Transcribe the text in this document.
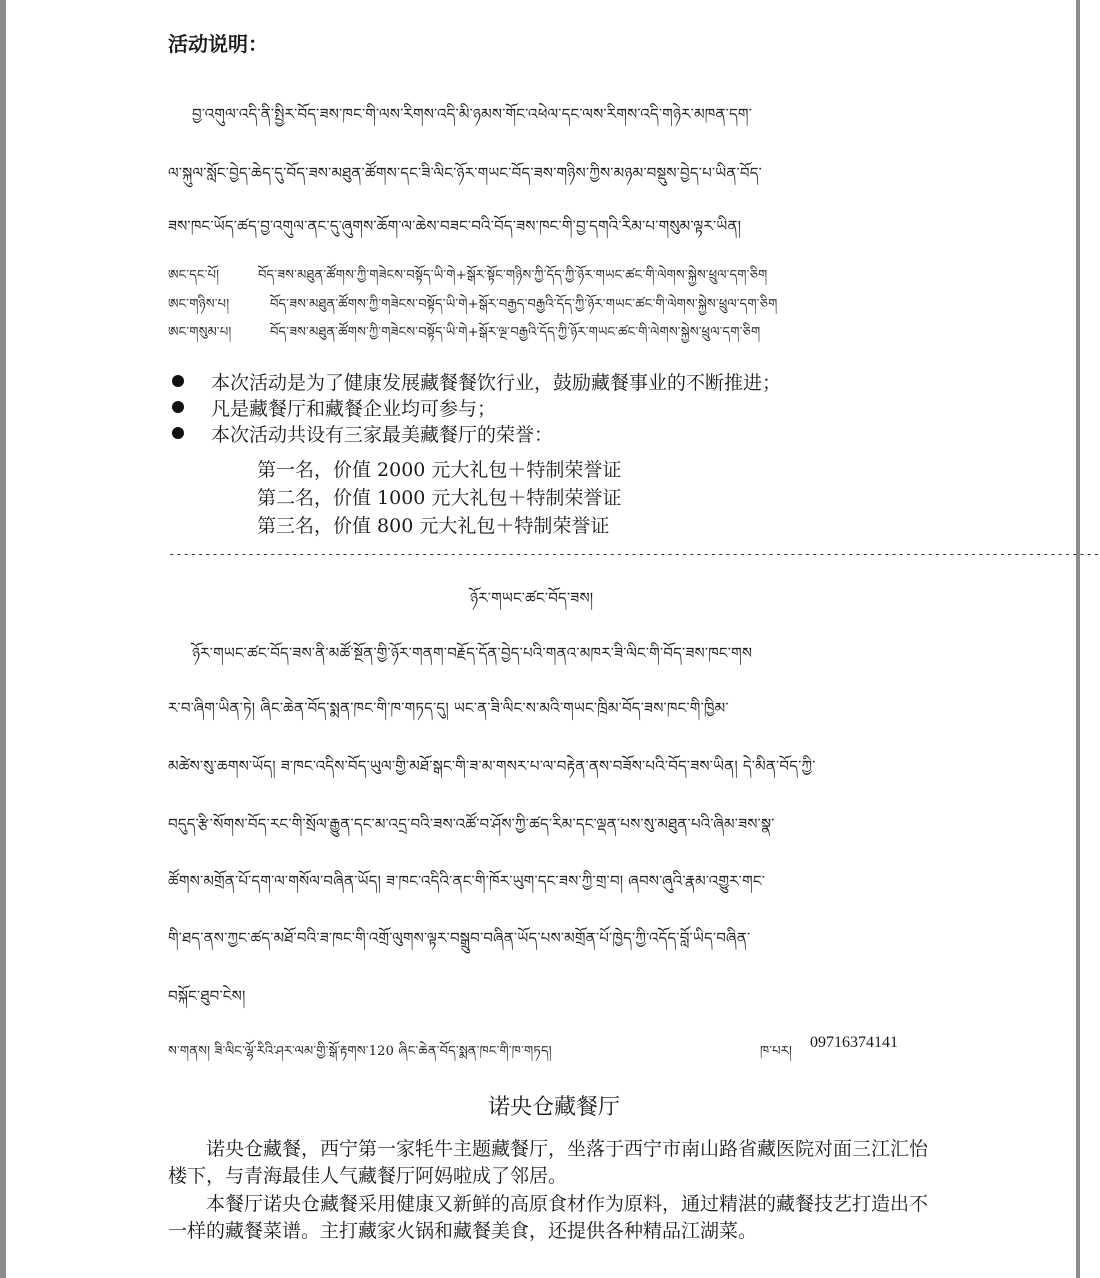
活动说明：
བྱ་འགུལ་འདི་ནི་སྤྱིར་བོད་ཟས་ཁང་གི་ལས་རིགས་འདི་མི་ཉམས་གོང་འཕེལ་དང་ལས་རིགས་འདི་གཉེར་མཁན་དག་
ལ་སྐུལ་སློང་བྱེད་ཆེད་དུ་བོད་ཟས་མཐུན་ཚོགས་དང་ཟི་ལིང་ཉོར་གཡང་བོད་ཟས་གཉིས་ཀྱིས་མཉམ་བསྡུས་བྱེད་པ་ཡིན་བོད་
ཟས་ཁང་ཡོད་ཚད་བྱ་འགུལ་ནང་དུ་ཞུགས་ཆོག་ལ་ཆེས་བཟང་བའི་བོད་ཟས་ཁང་གི་བྱ་དགའི་རིམ་པ་གསུམ་ལྟར་ཡིན།
ཨང་དང་པོ།	བོད་ཟས་མཐུན་ཚོགས་ཀྱི་གཟེངས་བསྟོད་ཡི་གེ+སྒོར་སྟོང་གཉིས་ཀྱི་དོད་ཀྱི་ཉོར་གཡང་ཚང་གི་ལེགས་སྐྱེས་ཕྲུལ་དག་ཅིག
ཨང་གཉིས་པ།	བོད་ཟས་མཐུན་ཚོགས་ཀྱི་གཟེངས་བསྟོད་ཡི་གེ+སྒོར་བརྒྱད་བརྒྱའི་དོད་ཀྱི་ཉོར་གཡང་ཚང་གི་ལེགས་སྐྱེས་ཕྲུལ་དག་ཅིག
ཨང་གསུམ་པ།	བོད་ཟས་མཐུན་ཚོགས་ཀྱི་གཟེངས་བསྟོད་ཡི་གེ+སྒོར་ལྔ་བརྒྱའི་དོད་ཀྱི་ཉོར་གཡང་ཚང་གི་ལེགས་སྐྱེས་ཕྲུལ་དག་ཅིག
本次活动是为了健康发展藏餐餐饮行业，鼓励藏餐事业的不断推进；
凡是藏餐厅和藏餐企业均可参与；
本次活动共设有三家最美藏餐厅的荣誉：
第一名，价值 2000 元大礼包＋特制荣誉证
第二名，价值 1000 元大礼包＋特制荣誉证
第三名，价值 800 元大礼包＋特制荣誉证
---------------------------------------------------------------------------------------------------------------------------------
ཉོར་གཡང་ཚང་བོད་ཟས།
ཉོར་གཡང་ཚང་བོད་ཟས་ནི་མཚོ་སྔོན་གྱི་ཉོར་གནག་བརྗོད་དོན་བྱེད་པའི་གནའ་མཁར་ཟི་ལིང་གི་བོད་ཟས་ཁང་གས
ར་བ་ཞིག་ཡིན་ཏེ། ཞིང་ཆེན་བོད་སྨན་ཁང་གི་ཁ་གཏད་དུ། ཡང་ན་ཟི་ལིང་ས་མའི་གཡང་ཁྲིམ་བོད་ཟས་ཁང་གི་ཁྱིམ་
མཚེས་སུ་ཆགས་ཡོད། ཟ་ཁང་འདིས་བོད་ཡུལ་གྱི་མཐོ་སྒང་གི་ཟ་མ་གསར་པ་ལ་བརྟེན་ནས་བཟོས་པའི་བོད་ཟས་ཡིན། དེ་མིན་བོད་ཀྱི་
བདུད་རྩི་སོགས་བོད་རང་གི་སྲོལ་རྒྱུན་དང་མ་འདྲ་བའི་ཟས་འཚོ་བ་ཤོས་ཀྱི་ཚད་རིམ་དང་ལྡན་པས་སུ་མཐུན་པའི་ཞིམ་ཟས་སྣ་
ཚོགས་མགྲོན་པོ་དག་ལ་གསོལ་བཞིན་ཡོད། ཟ་ཁང་འདིའི་ནང་གི་ཁོར་ཡུག་དང་ཟས་ཀྱི་གྲ་བ། ཞབས་ཞུའི་རྣམ་འགྱུར་གང་
གི་ཐད་ནས་ཀྱང་ཚད་མཐོ་བའི་ཟ་ཁང་གི་འགྲོ་ལུགས་ལྟར་བསྒྲུབ་བཞིན་ཡོད་པས་མགྲོན་པོ་ཁྱེད་ཀྱི་འདོད་བློ་ཡིད་བཞིན་
བསྐོང་ཐུབ་ངེས།
ས་གནས། ཟི་ལིང་ལྷོ་རིའི་ཤར་ལམ་གྱི་སྒོ་རྟགས་120 ཞིང་ཆེན་བོད་སྨན་ཁང་གི་ཁ་གཏད།	ཁ་པར།
09716374141
诺央仓藏餐厅
诺央仓藏餐，西宁第一家牦牛主题藏餐厅，坐落于西宁市南山路省藏医院对面三江汇怡楼下，与青海最佳人气藏餐厅阿妈啦成了邻居。
本餐厅诺央仓藏餐采用健康又新鲜的高原食材作为原料，通过精湛的藏餐技艺打造出不一样的藏餐菜谱。主打藏家火锅和藏餐美食，还提供各种精品江湖菜。
